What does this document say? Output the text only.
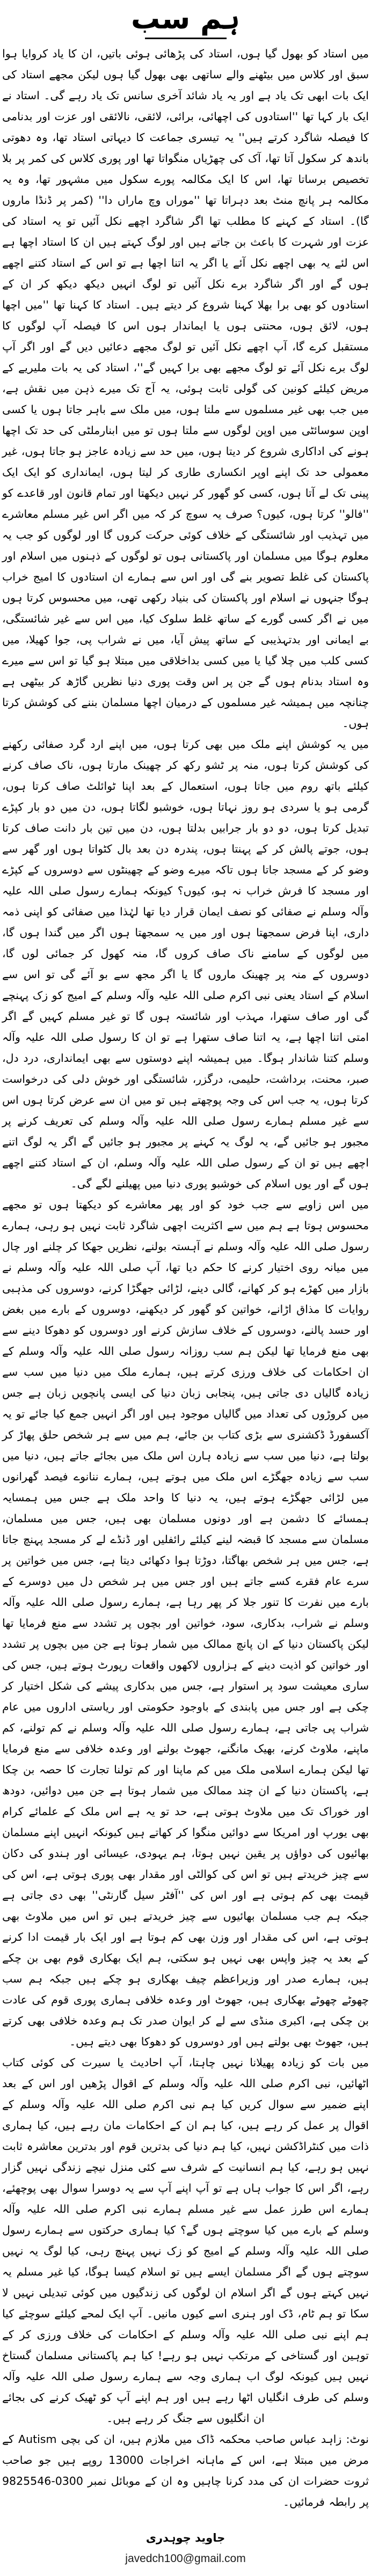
ہم سب

میں استاد کو بھول گیا ہوں، استاد کی پڑھائی ہوئی باتیں، ان کا یاد کروایا ہوا سبق اور کلاس میں بیٹھنے والے ساتھی بھی بھول گیا ہوں لیکن مجھے استاد کی ایک بات ابھی تک یاد ہے اور یہ یاد شائد آخری سانس تک یاد رہے گی۔ استاد نے ایک بار کہا تھا ''استادوں کی اچھائی، برائی، لائقی، نالائقی اور عزت اور بدنامی کا فیصلہ شاگرد کرتے ہیں'' یہ تیسری جماعت کا دیہاتی استاد تھا، وہ دھوتی باندھ کر سکول آتا تھا، آک کی چھڑیاں منگواتا تھا اور پوری کلاس کی کمر پر بلا تخصیص برساتا تھا، اس کا ایک مکالمہ پورے سکول میں مشہور تھا، وہ یہ مکالمہ ہر پانچ منٹ بعد دہراتا تھا ''موراں وچ ماراں دا'' (کمر پر ڈنڈا ماروں گا)۔ استاد کے کہنے کا مطلب تھا اگر شاگرد اچھے نکل آئیں تو یہ استاد کی عزت اور شہرت کا باعث بن جاتے ہیں اور لوگ کہتے ہیں ان کا استاد اچھا ہے اس لئے یہ بھی اچھے نکل آئے یا اگر یہ اتنا اچھا ہے تو اس کے استاد کتنے اچھے ہوں گے اور اگر شاگرد برے نکل آئیں تو لوگ انہیں دیکھ دیکھ کر ان کے استادوں کو بھی برا بھلا کہنا شروع کر دیتے ہیں۔ استاد کا کہنا تھا ''میں اچھا ہوں، لائق ہوں، محنتی ہوں یا ایماندار ہوں اس کا فیصلہ آپ لوگوں کا مستقبل کرے گا، آپ اچھے نکل آئیں تو لوگ مجھے دعائیں دیں گے اور اگر آپ لوگ برے نکل آئے تو لوگ مجھے بھی برا کہیں گے''، استاد کی یہ بات ملیریے کے مریض کیلئے کونین کی گولی ثابت ہوئی، یہ آج تک میرے ذہن میں نقش ہے، میں جب بھی غیر مسلموں سے ملتا ہوں، میں ملک سے باہر جاتا ہوں یا کسی اوپن سوسائٹی میں اوپن لوگوں سے ملتا ہوں تو میں ابنارملٹی کی حد تک اچھا ہونے کی اداکاری شروع کر دیتا ہوں، میں حد سے زیادہ عاجز ہو جاتا ہوں، غیر معمولی حد تک اپنے اوپر انکساری طاری کر لیتا ہوں، ایمانداری کو ایک ایک پینی تک لے آتا ہوں، کسی کو گھور کر نہیں دیکھتا اور تمام قانون اور قاعدے کو ''فالو'' کرتا ہوں، کیوں؟ صرف یہ سوچ کر کہ میں اگر اس غیر مسلم معاشرے میں تہذیب اور شائستگی کے خلاف کوئی حرکت کروں گا اور لوگوں کو جب یہ معلوم ہوگا میں مسلمان اور پاکستانی ہوں تو لوگوں کے ذہنوں میں اسلام اور پاکستان کی غلط تصویر بنے گی اور اس سے ہمارے ان استادوں کا امیج خراب ہوگا جنہوں نے اسلام اور پاکستان کی بنیاد رکھی تھی، میں محسوس کرتا ہوں میں نے اگر کسی گورے کے ساتھ غلط سلوک کیا، میں اس سے غیر شائستگی، بے ایمانی اور بدتہذیبی کے ساتھ پیش آیا، میں نے شراب پی، جوا کھیلا، میں کسی کلب میں چلا گیا یا میں کسی بداخلاقی میں مبتلا ہو گیا تو اس سے میرے وہ استاد بدنام ہوں گے جن پر اس وقت پوری دنیا نظریں گاڑھ کر بیٹھی ہے چنانچہ میں ہمیشہ غیر مسلموں کے درمیان اچھا مسلمان بننے کی کوشش کرتا ہوں۔

میں یہ کوشش اپنے ملک میں بھی کرتا ہوں، میں اپنے ارد گرد صفائی رکھنے کی کوشش کرتا ہوں، منہ پر ٹشو رکھ کر چھینک مارتا ہوں، ناک صاف کرنے کیلئے باتھ روم میں جاتا ہوں، استعمال کے بعد اپنا ٹوائلٹ صاف کرتا ہوں، گرمی ہو یا سردی ہو روز نہاتا ہوں، خوشبو لگاتا ہوں، دن میں دو بار کپڑے تبدیل کرتا ہوں، دو دو بار جرابیں بدلتا ہوں، دن میں تین بار دانت صاف کرتا ہوں، جوتے پالش کر کے پہنتا ہوں، پندرہ دن بعد بال کٹواتا ہوں اور گھر سے وضو کر کے مسجد جاتا ہوں تاکہ میرے وضو کے چھینٹوں سے دوسروں کے کپڑے اور مسجد کا فرش خراب نہ ہو، کیوں؟ کیونکہ ہمارے رسول صلی اللہ علیہ وآلہ وسلم نے صفائی کو نصف ایمان قرار دیا تھا لہٰذا میں صفائی کو اپنی ذمہ داری، اپنا فرض سمجھتا ہوں اور میں یہ سمجھتا ہوں اگر میں گندا ہوں گا، میں لوگوں کے سامنے ناک صاف کروں گا، منہ کھول کر جمائی لوں گا، دوسروں کے منہ پر چھینک ماروں گا یا اگر مجھ سے بو آئے گی تو اس سے اسلام کے استاد یعنی نبی اکرم صلی اللہ علیہ وآلہ وسلم کے امیج کو زک پہنچے گی اور صاف ستھرا، مہذب اور شائستہ ہوں گا تو غیر مسلم کہیں گے اگر امتی اتنا اچھا ہے، یہ اتنا صاف ستھرا ہے تو ان کا رسول صلی اللہ علیہ وآلہ وسلم کتنا شاندار ہوگا۔ میں ہمیشہ اپنے دوستوں سے بھی ایمانداری، درد دل، صبر، محنت، برداشت، حلیمی، درگزر، شائستگی اور خوش دلی کی درخواست کرتا ہوں، یہ جب اس کی وجہ پوچھتے ہیں تو میں ان سے عرض کرتا ہوں اس سے غیر مسلم ہمارے رسول صلی اللہ علیہ وآلہ وسلم کی تعریف کرنے پر مجبور ہو جائیں گے، یہ لوگ یہ کہنے پر مجبور ہو جائیں گے اگر یہ لوگ اتنے اچھے ہیں تو ان کے رسول صلی اللہ علیہ وآلہ وسلم، ان کے استاد کتنے اچھے ہوں گے اور یوں اسلام کی خوشبو پوری دنیا میں پھیلنے لگے گی۔

میں اس زاویے سے جب خود کو اور پھر معاشرے کو دیکھتا ہوں تو مجھے محسوس ہوتا ہے ہم میں سے اکثریت اچھی شاگرد ثابت نہیں ہو رہی، ہمارے رسول صلی اللہ علیہ وآلہ وسلم نے آہستہ بولنے، نظریں جھکا کر چلنے اور چال میں میانہ روی اختیار کرنے کا حکم دیا تھا، آپ صلی اللہ علیہ وآلہ وسلم نے بازار میں کھڑے ہو کر کھانے، گالی دینے، لڑائی جھگڑا کرنے، دوسروں کی مذہبی روایات کا مذاق اڑانے، خواتین کو گھور کر دیکھنے، دوسروں کے بارے میں بغض اور حسد پالنے، دوسروں کے خلاف سازش کرنے اور دوسروں کو دھوکا دینے سے بھی منع فرمایا تھا لیکن ہم سب روزانہ رسول صلی اللہ علیہ وآلہ وسلم کے ان احکامات کی خلاف ورزی کرتے ہیں، ہمارے ملک میں دنیا میں سب سے زیادہ گالیاں دی جاتی ہیں، پنجابی زبان دنیا کی ایسی پانچویں زبان ہے جس میں کروڑوں کی تعداد میں گالیاں موجود ہیں اور اگر انہیں جمع کیا جائے تو یہ آکسفورڈ ڈکشنری سے بڑی کتاب بن جائے، ہم میں سے ہر شخص حلق پھاڑ کر بولتا ہے، دنیا میں سب سے زیادہ ہارن اس ملک میں بجائے جاتے ہیں، دنیا میں سب سے زیادہ جھگڑے اس ملک میں ہوتے ہیں، ہمارے ننانوے فیصد گھرانوں میں لڑائی جھگڑے ہوتے ہیں، یہ دنیا کا واحد ملک ہے جس میں ہمسایہ ہمسائے کا دشمن ہے اور دونوں مسلمان بھی ہیں، جس میں مسلمان، مسلمان سے مسجد کا قبضہ لینے کیلئے رائفلیں اور ڈنڈے لے کر مسجد پہنچ جاتا ہے، جس میں ہر شخص بھاگتا، دوڑتا ہوا دکھائی دیتا ہے، جس میں خواتین پر سرے عام فقرے کسے جاتے ہیں اور جس میں ہر شخص دل میں دوسرے کے بارے میں نفرت کا تنور جلا کر پھر رہا ہے، ہمارے رسول صلی اللہ علیہ وآلہ وسلم نے شراب، بدکاری، سود، خواتین اور بچوں پر تشدد سے منع فرمایا تھا لیکن پاکستان دنیا کے ان پانچ ممالک میں شمار ہوتا ہے جن میں بچوں پر تشدد اور خواتین کو اذیت دینے کے ہزاروں لاکھوں واقعات رپورٹ ہوتے ہیں، جس کی ساری معیشت سود پر استوار ہے، جس میں بدکاری پیشے کی شکل اختیار کر چکی ہے اور جس میں پابندی کے باوجود حکومتی اور ریاستی اداروں میں عام شراب پی جاتی ہے، ہمارے رسول صلی اللہ علیہ وآلہ وسلم نے کم تولنے، کم ماپنے، ملاوٹ کرنے، بھیک مانگنے، جھوٹ بولنے اور وعدہ خلافی سے منع فرمایا تھا لیکن ہمارے اسلامی ملک میں کم ماپنا اور کم تولنا تجارت کا حصہ بن چکا ہے، پاکستان دنیا کے ان چند ممالک میں شمار ہوتا ہے جن میں دوائیں، دودھ اور خوراک تک میں ملاوٹ ہوتی ہے، حد تو یہ ہے اس ملک کے علمائے کرام بھی یورپ اور امریکا سے دوائیں منگوا کر کھاتے ہیں کیونکہ انہیں اپنے مسلمان بھائیوں کی دواؤں پر یقین نہیں ہوتا، ہم یہودی، عیسائی اور ہندو کی دکان سے چیز خریدتے ہیں تو اس کی کوالٹی اور مقدار بھی پوری ہوتی ہے، اس کی قیمت بھی کم ہوتی ہے اور اس کی ''آفٹر سیل گارنٹی'' بھی دی جاتی ہے جبکہ ہم جب مسلمان بھائیوں سے چیز خریدتے ہیں تو اس میں ملاوٹ بھی ہوتی ہے، اس کی مقدار اور وزن بھی کم ہوتا ہے اور ایک بار قیمت ادا کرنے کے بعد یہ چیز واپس بھی نہیں ہو سکتی، ہم ایک بھکاری قوم بھی بن چکے ہیں، ہمارے صدر اور وزیراعظم چیف بھکاری ہو چکے ہیں جبکہ ہم سب چھوٹے چھوٹے بھکاری ہیں، جھوٹ اور وعدہ خلافی ہماری پوری قوم کی عادت بن چکی ہے، اکبری منڈی سے لے کر ایوان صدر تک ہم وعدہ خلافی بھی کرتے ہیں، جھوٹ بھی بولتے ہیں اور دوسروں کو دھوکا بھی دیتے ہیں۔

میں بات کو زیادہ پھیلانا نہیں چاہتا، آپ احادیث یا سیرت کی کوئی کتاب اٹھائیں، نبی اکرم صلی اللہ علیہ وآلہ وسلم کے اقوال پڑھیں اور اس کے بعد اپنے ضمیر سے سوال کریں کیا ہم نبی اکرم صلی اللہ علیہ وآلہ وسلم کے اقوال پر عمل کر رہے ہیں، کیا ہم ان کے احکامات مان رہے ہیں، کیا ہماری ذات میں کنٹراڈکشن نہیں، کیا ہم دنیا کی بدترین قوم اور بدترین معاشرہ ثابت نہیں ہو رہے، کیا ہم انسانیت کے شرف سے کئی منزل نیچے زندگی نہیں گزار رہے، اگر اس کا جواب ہاں ہے تو آپ اپنے آپ سے یہ دوسرا سوال بھی پوچھئے، ہمارے اس طرز عمل سے غیر مسلم ہمارے نبی اکرم صلی اللہ علیہ وآلہ وسلم کے بارے میں کیا سوچتے ہوں گے؟ کیا ہماری حرکتوں سے ہمارے رسول صلی اللہ علیہ وآلہ وسلم کے امیج کو زک نہیں پہنچ رہی، کیا لوگ یہ نہیں سوچتے ہوں گے اگر مسلمان ایسے ہیں تو اسلام کیسا ہوگا، کیا غیر مسلم یہ نہیں کہتے ہوں گے اگر اسلام ان لوگوں کی زندگیوں میں کوئی تبدیلی نہیں لا سکا تو ہم ٹام، ڈک اور ہنری اسے کیوں مانیں۔ آپ ایک لمحے کیلئے سوچئے کیا ہم اپنے نبی صلی اللہ علیہ وآلہ وسلم کے احکامات کی خلاف ورزی کر کے توہین اور گستاخی کے مرتکب نہیں ہو رہے! کیا ہم پاکستانی مسلمان گستاخ نہیں ہیں کیونکہ لوگ اب ہماری وجہ سے ہمارے رسول صلی اللہ علیہ وآلہ وسلم کی طرف انگلیاں اٹھا رہے ہیں اور ہم اپنے آپ کو ٹھیک کرنے کی بجائے ان انگلیوں سے جنگ کر رہے ہیں۔

نوٹ: زاہد عباس صاحب محکمہ ڈاک میں ملازم ہیں، ان کی بچی Autism کے مرض میں مبتلا ہے، اس کے ماہانہ اخراجات 13000 روپے ہیں جو صاحب ثروت حضرات ان کی مدد کرنا چاہیں وہ ان کے موبائل نمبر 0300-9825546 پر رابطہ فرمائیں۔

جاوید چوہدری
javedch100@gmail.com
